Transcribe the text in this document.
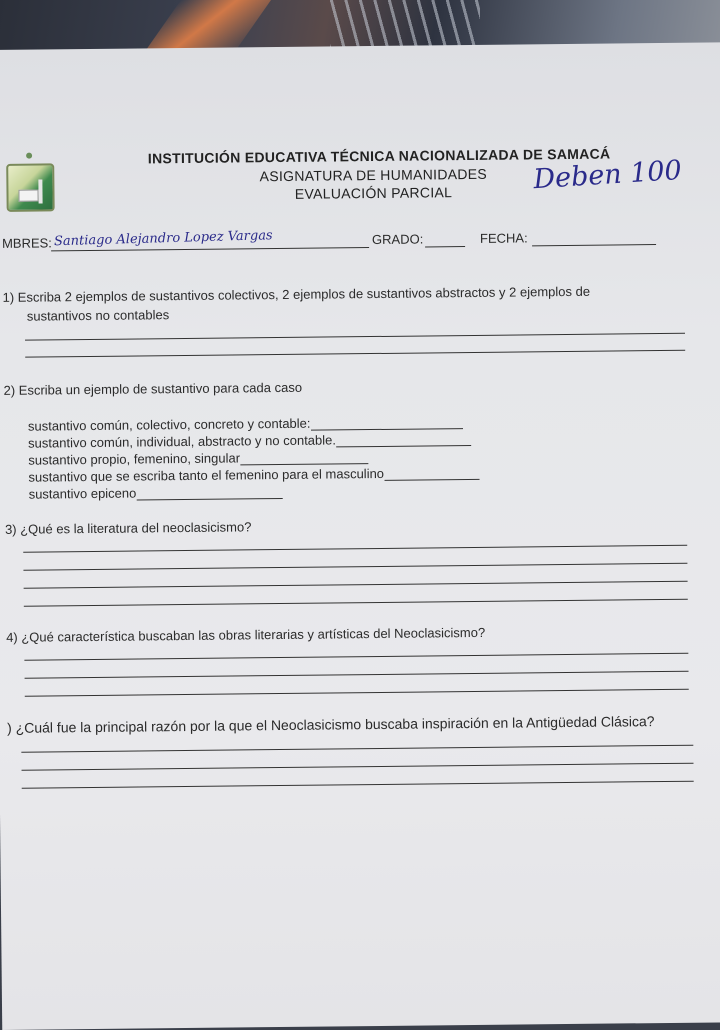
INSTITUCIÓN EDUCATIVA TÉCNICA NACIONALIZADA DE SAMACÁ
ASIGNATURA DE HUMANIDADES
EVALUACIÓN PARCIAL	Deben 100
MBRES: Santiago Alejandro Lopez Vargas	GRADO:	FECHA:
1) Escriba 2 ejemplos de sustantivos colectivos, 2 ejemplos de sustantivos abstractos y 2 ejemplos de
sustantivos no contables
2) Escriba un ejemplo de sustantivo para cada caso
sustantivo común, colectivo, concreto y contable:
sustantivo común, individual, abstracto y no contable.
sustantivo propio, femenino, singular
sustantivo que se escriba tanto el femenino para el masculino
sustantivo epiceno
3) ¿Qué es la literatura del neoclasicismo?
4) ¿Qué característica buscaban las obras literarias y artísticas del Neoclasicismo?
) ¿Cuál fue la principal razón por la que el Neoclasicismo buscaba inspiración en la Antigüedad Clásica?
